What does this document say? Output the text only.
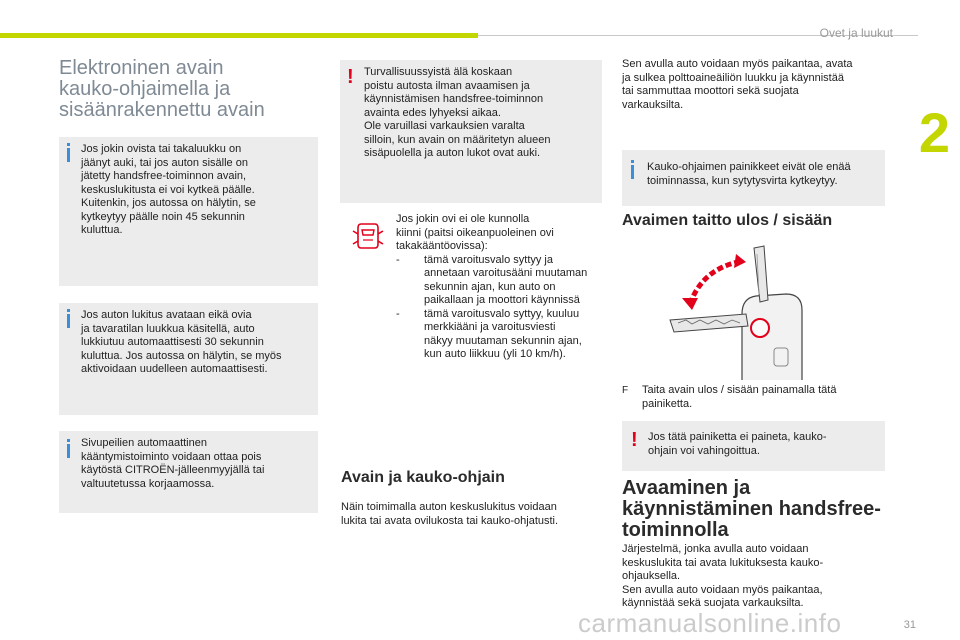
Ovet ja luukut
2
Elektroninen avain
kauko-ohjaimella ja
sisäänrakennettu avain
Jos jokin ovista tai takaluukku on
jäänyt auki, tai jos auton sisälle on
jätetty handsfree-toiminnon avain,
keskuslukitusta ei voi kytkeä päälle.
Kuitenkin, jos autossa on hälytin, se
kytkeytyy päälle noin 45 sekunnin
kuluttua.
Jos auton lukitus avataan eikä ovia
ja tavaratilan luukkua käsitellä, auto
lukkiutuu automaattisesti 30 sekunnin
kuluttua. Jos autossa on hälytin, se myös
aktivoidaan uudelleen automaattisesti.
Sivupeilien automaattinen
kääntymistoiminto voidaan ottaa pois
käytöstä CITROËN-jälleenmyyjällä tai
valtuutetussa korjaamossa.
! Turvallisuussyistä älä koskaan
poistu autosta ilman avaamisen ja
käynnistämisen handsfree-toiminnon
avainta edes lyhyeksi aikaa.
Ole varuillasi varkauksien varalta
silloin, kun avain on määritetyn alueen
sisäpuolella ja auton lukot ovat auki.
Jos jokin ovi ei ole kunnolla
kiinni (paitsi oikeanpuoleinen ovi
takakääntöovissa):
-	tämä varoitusvalo syttyy ja
annetaan varoitusääni muutaman
sekunnin ajan, kun auto on
paikallaan ja moottori käynnissä
-	tämä varoitusvalo syttyy, kuuluu
merkkiääni ja varoitusviesti
näkyy muutaman sekunnin ajan,
kun auto liikkuu (yli 10 km/h).
Avain ja kauko-ohjain
Näin toimimalla auton keskuslukitus voidaan
lukita tai avata ovilukosta tai kauko-ohjatusti.
Sen avulla auto voidaan myös paikantaa, avata
ja sulkea polttoaineäiliön luukku ja käynnistää
tai sammuttaa moottori sekä suojata
varkauksilta.
Kauko-ohjaimen painikkeet eivät ole enää
toiminnassa, kun sytytysvirta kytkeytyy.
Avaimen taitto ulos / sisään
F	Taita avain ulos / sisään painamalla tätä
painiketta.
! Jos tätä painiketta ei paineta, kauko-
ohjain voi vahingoittua.
Avaaminen ja
käynnistäminen handsfree-
toiminnolla
Järjestelmä, jonka avulla auto voidaan
keskuslukita tai avata lukituksesta kauko-
ohjauksella.
Sen avulla auto voidaan myös paikantaa,
käynnistää sekä suojata varkauksilta.
carmanualsonline.info	31
